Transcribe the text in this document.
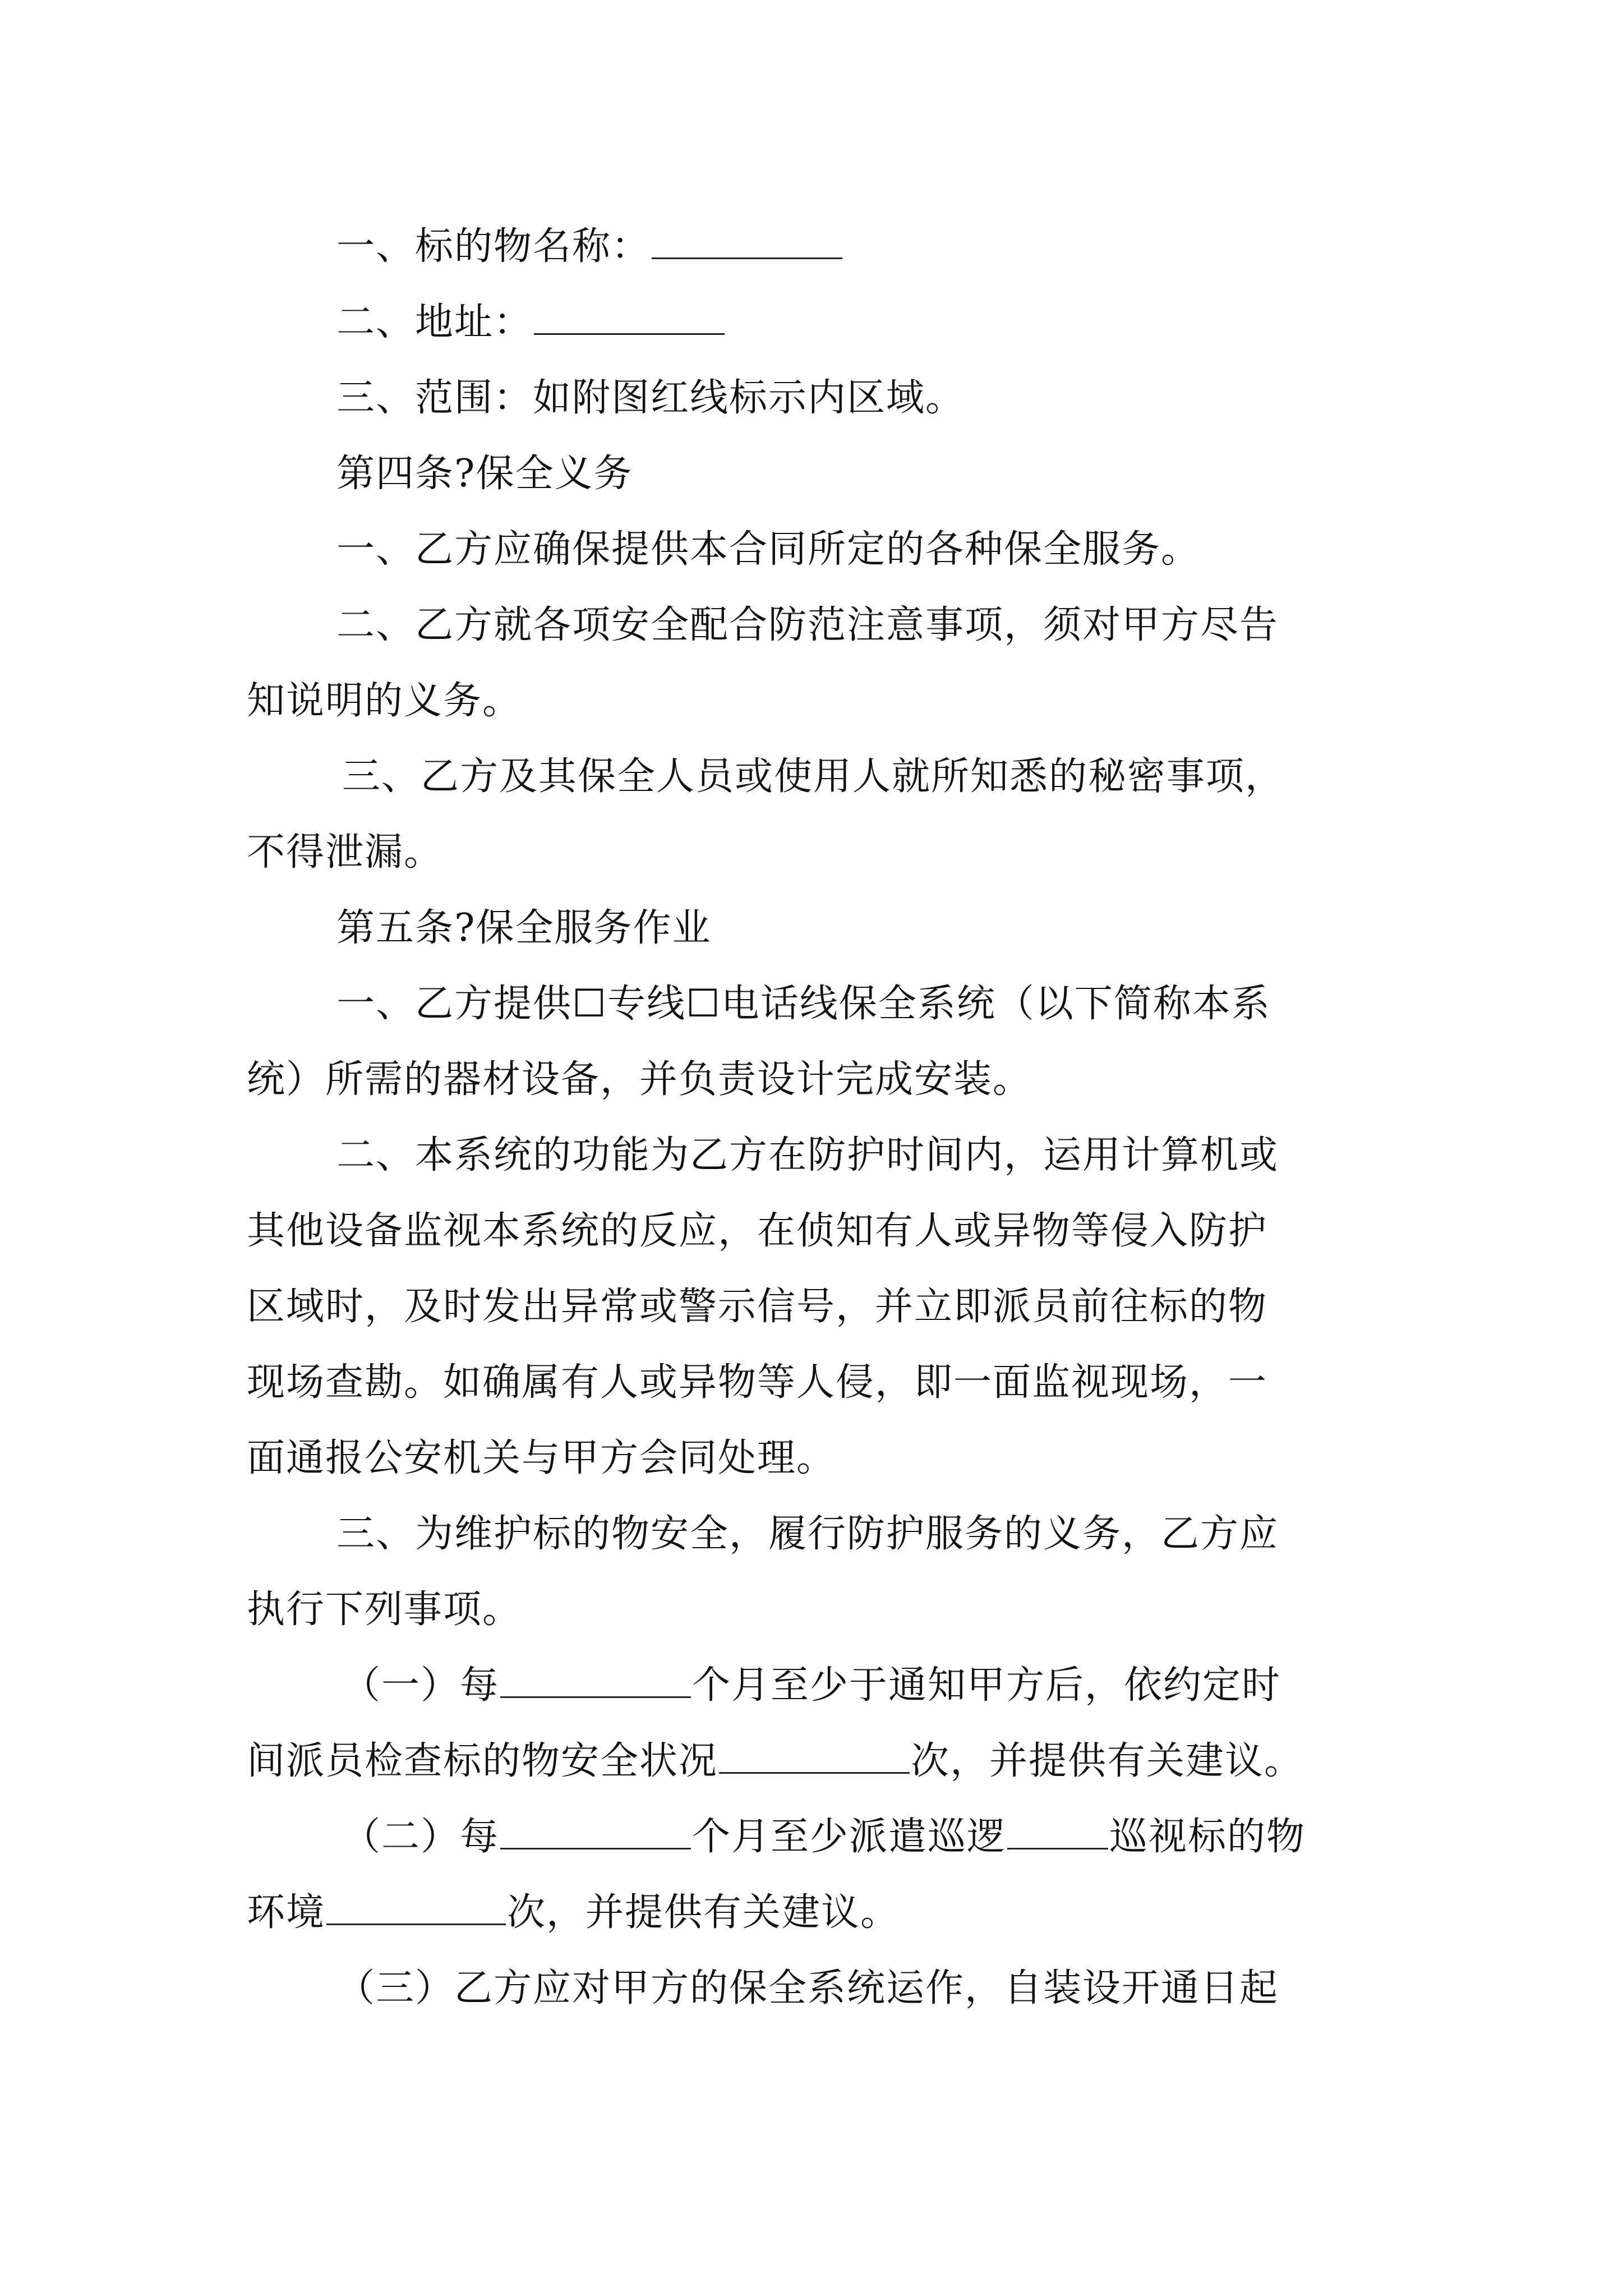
一、标的物名称：
二、地址：
三、范围：如附图红线标示内区域。
第四条?保全义务
一、乙方应确保提供本合同所定的各种保全服务。
二、乙方就各项安全配合防范注意事项，须对甲方尽告
知说明的义务。
三、乙方及其保全人员或使用人就所知悉的秘密事项，
不得泄漏。
第五条?保全服务作业
一、乙方提供☐专线☐电话线保全系统（以下简称本系
统）所需的器材设备，并负责设计完成安装。
二、本系统的功能为乙方在防护时间内，运用计算机或
其他设备监视本系统的反应，在侦知有人或异物等侵入防护
区域时，及时发出异常或警示信号，并立即派员前往标的物
现场查勘。如确属有人或异物等人侵，即一面监视现场，一
面通报公安机关与甲方会同处理。
三、为维护标的物安全，履行防护服务的义务，乙方应
执行下列事项。
（一）每	个月至少于通知甲方后，依约定时
间派员检查标的物安全状况	次，并提供有关建议。
（二）每	个月至少派遣巡逻	巡视标的物
环境	次，并提供有关建议。
（三）乙方应对甲方的保全系统运作，自装设开通日起
